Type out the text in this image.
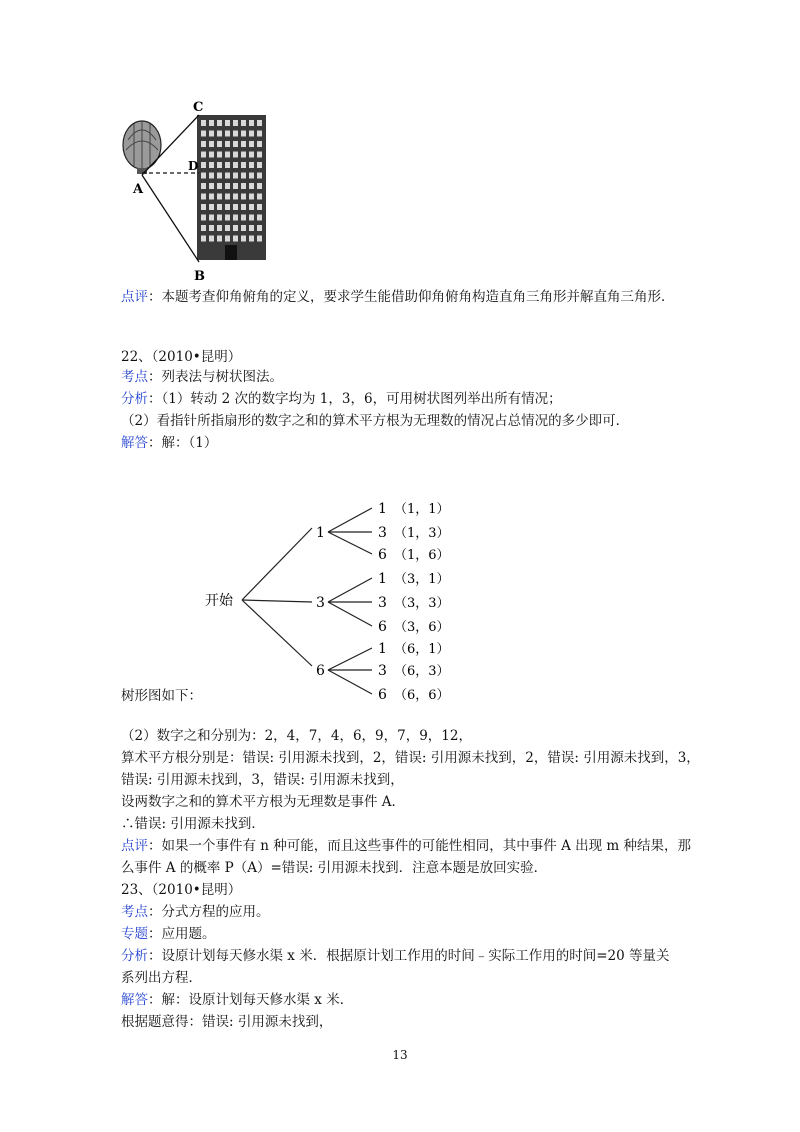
C
D
A
B
点评：本题考查仰角俯角的定义，要求学生能借助仰角俯角构造直角三角形并解直角三角形．
22、（2010•昆明）
考点：列表法与树状图法。
分析：（1）转动 2 次的数字均为 1，3，6，可用树状图列举出所有情况；
（2）看指针所指扇形的数字之和的算术平方根为无理数的情况占总情况的多少即可．
解答：解：（1）
开始
1
1 （1，1）
3 （1，3）
6 （1，6）
3
1 （3，1）
3 （3，3）
6 （3，6）
6
1 （6，1）
3 （6，3）
6 （6，6）
树形图如下：
（2）数字之和分别为：2，4，7，4，6，9，7，9，12，
算术平方根分别是：错误: 引用源未找到，2，错误: 引用源未找到，2，错误: 引用源未找到，3，
错误: 引用源未找到，3，错误: 引用源未找到，
设两数字之和的算术平方根为无理数是事件 A．
∴错误: 引用源未找到．
点评：如果一个事件有 n 种可能，而且这些事件的可能性相同，其中事件 A 出现 m 种结果，那
么事件 A 的概率 P（A）=错误: 引用源未找到．注意本题是放回实验．
23、（2010•昆明）
考点：分式方程的应用。
专题：应用题。
分析：设原计划每天修水渠 x 米．根据原计划工作用的时间﹣实际工作用的时间=20 等量关
系列出方程．
解答：解：设原计划每天修水渠 x 米．
根据题意得：错误: 引用源未找到，
13
